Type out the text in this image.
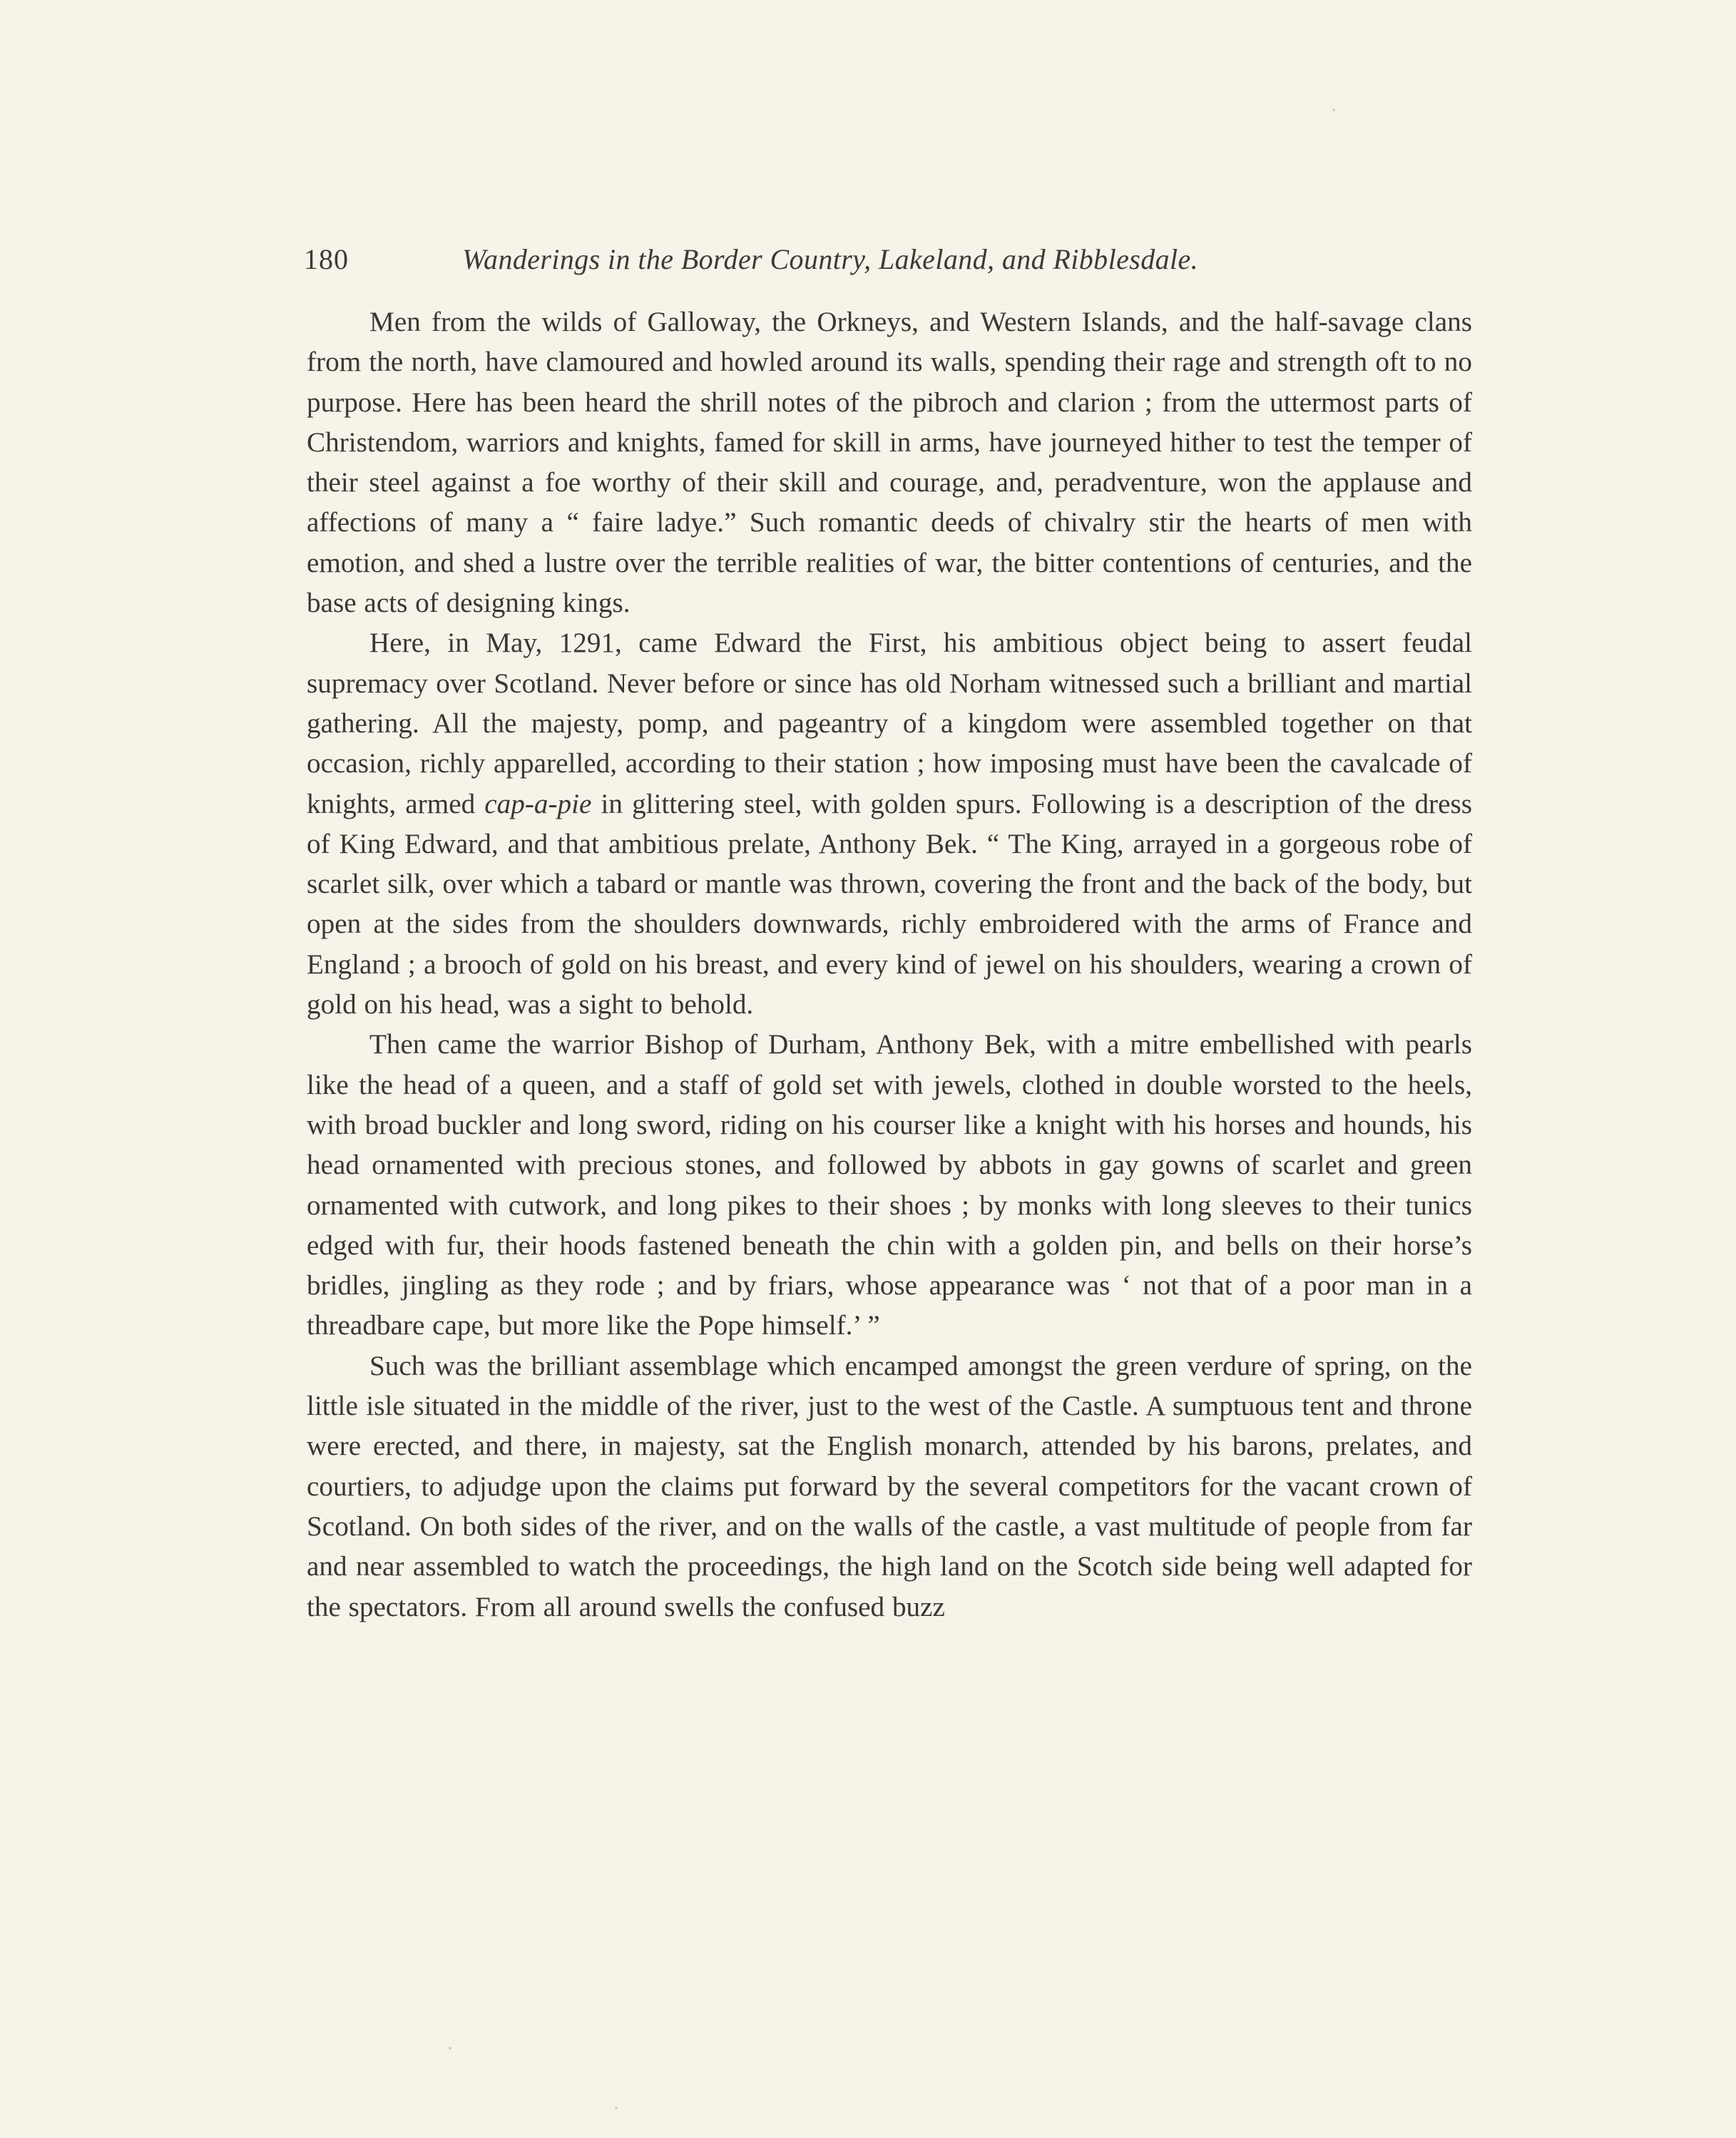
180	Wanderings in the Border Country, Lakeland, and Ribblesdale.

Men from the wilds of Galloway, the Orkneys, and Western Islands, and the half-savage clans from the north, have clamoured and howled around its walls, spending their rage and strength oft to no purpose. Here has been heard the shrill notes of the pibroch and clarion ; from the uttermost parts of Christendom, warriors and knights, famed for skill in arms, have journeyed hither to test the temper of their steel against a foe worthy of their skill and courage, and, peradventure, won the applause and affections of many a “ faire ladye.” Such romantic deeds of chivalry stir the hearts of men with emotion, and shed a lustre over the terrible realities of war, the bitter contentions of centuries, and the base acts of designing kings.

Here, in May, 1291, came Edward the First, his ambitious object being to assert feudal supremacy over Scotland. Never before or since has old Norham witnessed such a brilliant and martial gathering. All the majesty, pomp, and pageantry of a kingdom were assembled together on that occasion, richly apparelled, according to their station ; how imposing must have been the cavalcade of knights, armed cap-a-pie in glittering steel, with golden spurs. Following is a description of the dress of King Edward, and that ambitious prelate, Anthony Bek. “ The King, arrayed in a gorgeous robe of scarlet silk, over which a tabard or mantle was thrown, covering the front and the back of the body, but open at the sides from the shoulders downwards, richly embroidered with the arms of France and England ; a brooch of gold on his breast, and every kind of jewel on his shoulders, wearing a crown of gold on his head, was a sight to behold.

Then came the warrior Bishop of Durham, Anthony Bek, with a mitre embellished with pearls like the head of a queen, and a staff of gold set with jewels, clothed in double worsted to the heels, with broad buckler and long sword, riding on his courser like a knight with his horses and hounds, his head ornamented with precious stones, and followed by abbots in gay gowns of scarlet and green ornamented with cutwork, and long pikes to their shoes ; by monks with long sleeves to their tunics edged with fur, their hoods fastened beneath the chin with a golden pin, and bells on their horse’s bridles, jingling as they rode ; and by friars, whose appearance was ‘ not that of a poor man in a threadbare cape, but more like the Pope himself.’ ”

Such was the brilliant assemblage which encamped amongst the green verdure of spring, on the little isle situated in the middle of the river, just to the west of the Castle. A sumptuous tent and throne were erected, and there, in majesty, sat the English monarch, attended by his barons, prelates, and courtiers, to adjudge upon the claims put forward by the several competitors for the vacant crown of Scotland. On both sides of the river, and on the walls of the castle, a vast multitude of people from far and near assembled to watch the proceedings, the high land on the Scotch side being well adapted for the spectators. From all around swells the confused buzz
